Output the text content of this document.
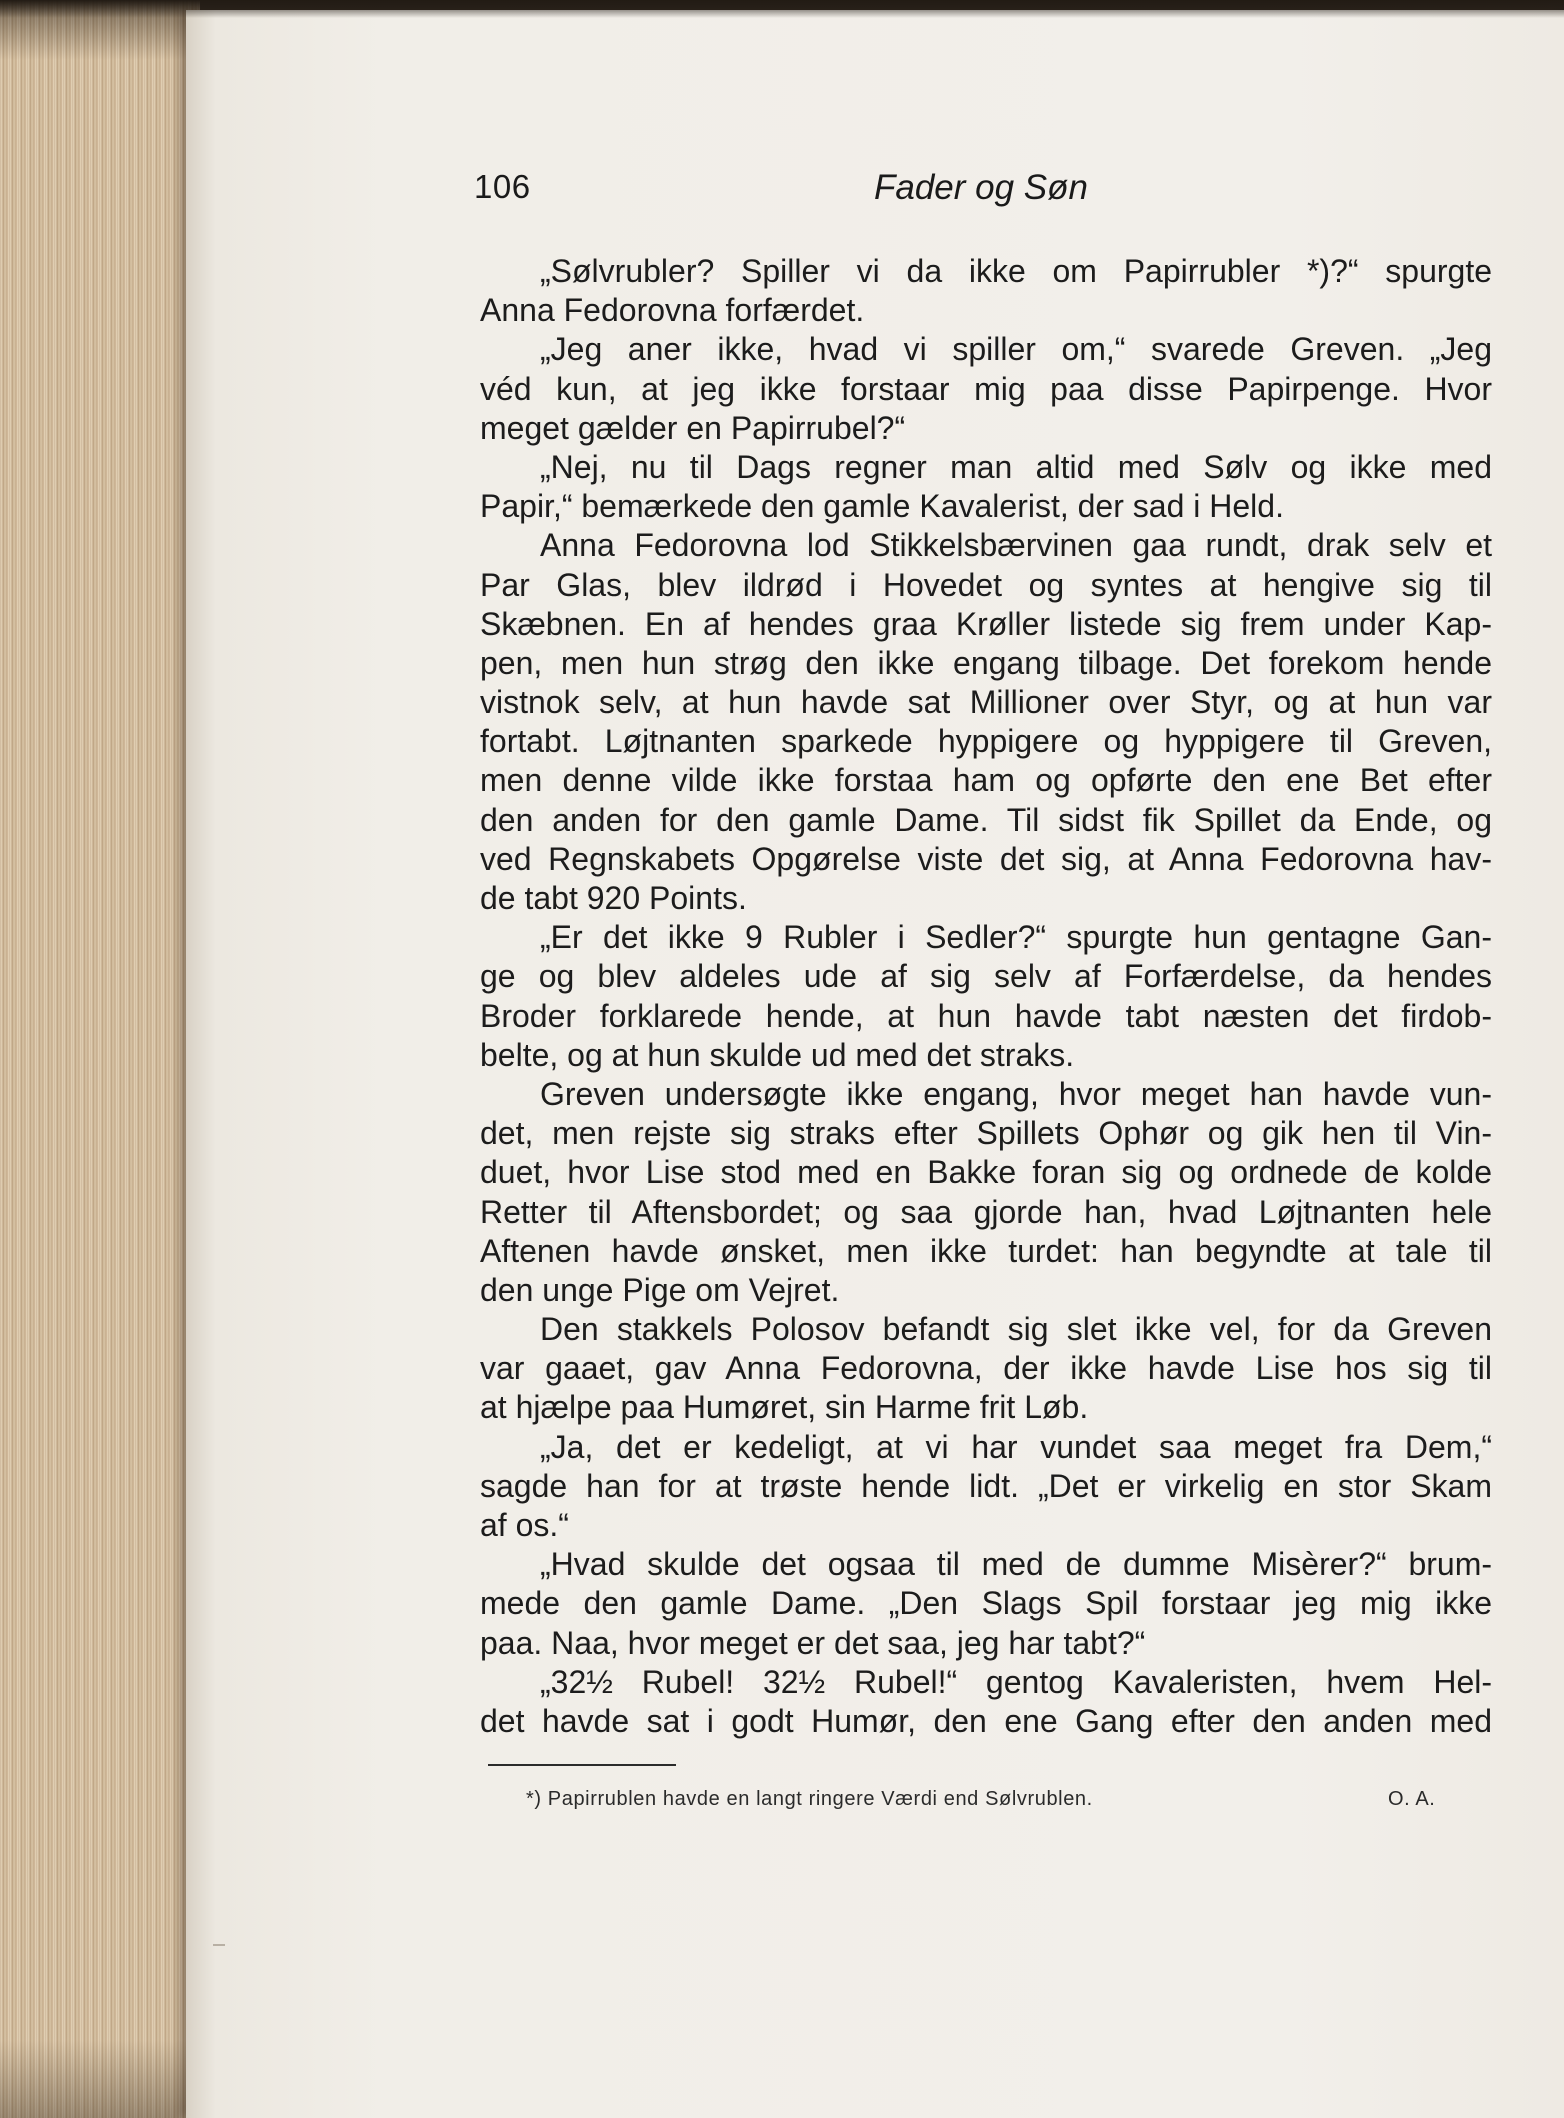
106	Fader og Søn
„Sølvrubler? Spiller vi da ikke om Papirrubler *)?“ spurgte
Anna Fedorovna forfærdet.
„Jeg aner ikke, hvad vi spiller om,“ svarede Greven. „Jeg
véd kun, at jeg ikke forstaar mig paa disse Papirpenge. Hvor
meget gælder en Papirrubel?“
„Nej, nu til Dags regner man altid med Sølv og ikke med
Papir,“ bemærkede den gamle Kavalerist, der sad i Held.
Anna Fedorovna lod Stikkelsbærvinen gaa rundt, drak selv et
Par Glas, blev ildrød i Hovedet og syntes at hengive sig til
Skæbnen. En af hendes graa Krøller listede sig frem under Kap-
pen, men hun strøg den ikke engang tilbage. Det forekom hende
vistnok selv, at hun havde sat Millioner over Styr, og at hun var
fortabt. Løjtnanten sparkede hyppigere og hyppigere til Greven,
men denne vilde ikke forstaa ham og opførte den ene Bet efter
den anden for den gamle Dame. Til sidst fik Spillet da Ende, og
ved Regnskabets Opgørelse viste det sig, at Anna Fedorovna hav-
de tabt 920 Points.
„Er det ikke 9 Rubler i Sedler?“ spurgte hun gentagne Gan-
ge og blev aldeles ude af sig selv af Forfærdelse, da hendes
Broder forklarede hende, at hun havde tabt næsten det firdob-
belte, og at hun skulde ud med det straks.
Greven undersøgte ikke engang, hvor meget han havde vun-
det, men rejste sig straks efter Spillets Ophør og gik hen til Vin-
duet, hvor Lise stod med en Bakke foran sig og ordnede de kolde
Retter til Aftensbordet; og saa gjorde han, hvad Løjtnanten hele
Aftenen havde ønsket, men ikke turdet: han begyndte at tale til
den unge Pige om Vejret.
Den stakkels Polosov befandt sig slet ikke vel, for da Greven
var gaaet, gav Anna Fedorovna, der ikke havde Lise hos sig til
at hjælpe paa Humøret, sin Harme frit Løb.
„Ja, det er kedeligt, at vi har vundet saa meget fra Dem,“
sagde han for at trøste hende lidt. „Det er virkelig en stor Skam
af os.“
„Hvad skulde det ogsaa til med de dumme Misèrer?“ brum-
mede den gamle Dame. „Den Slags Spil forstaar jeg mig ikke
paa. Naa, hvor meget er det saa, jeg har tabt?“
„32½ Rubel! 32½ Rubel!“ gentog Kavaleristen, hvem Hel-
det havde sat i godt Humør, den ene Gang efter den anden med
*) Papirrublen havde en langt ringere Værdi end Sølvrublen.	O. A.
